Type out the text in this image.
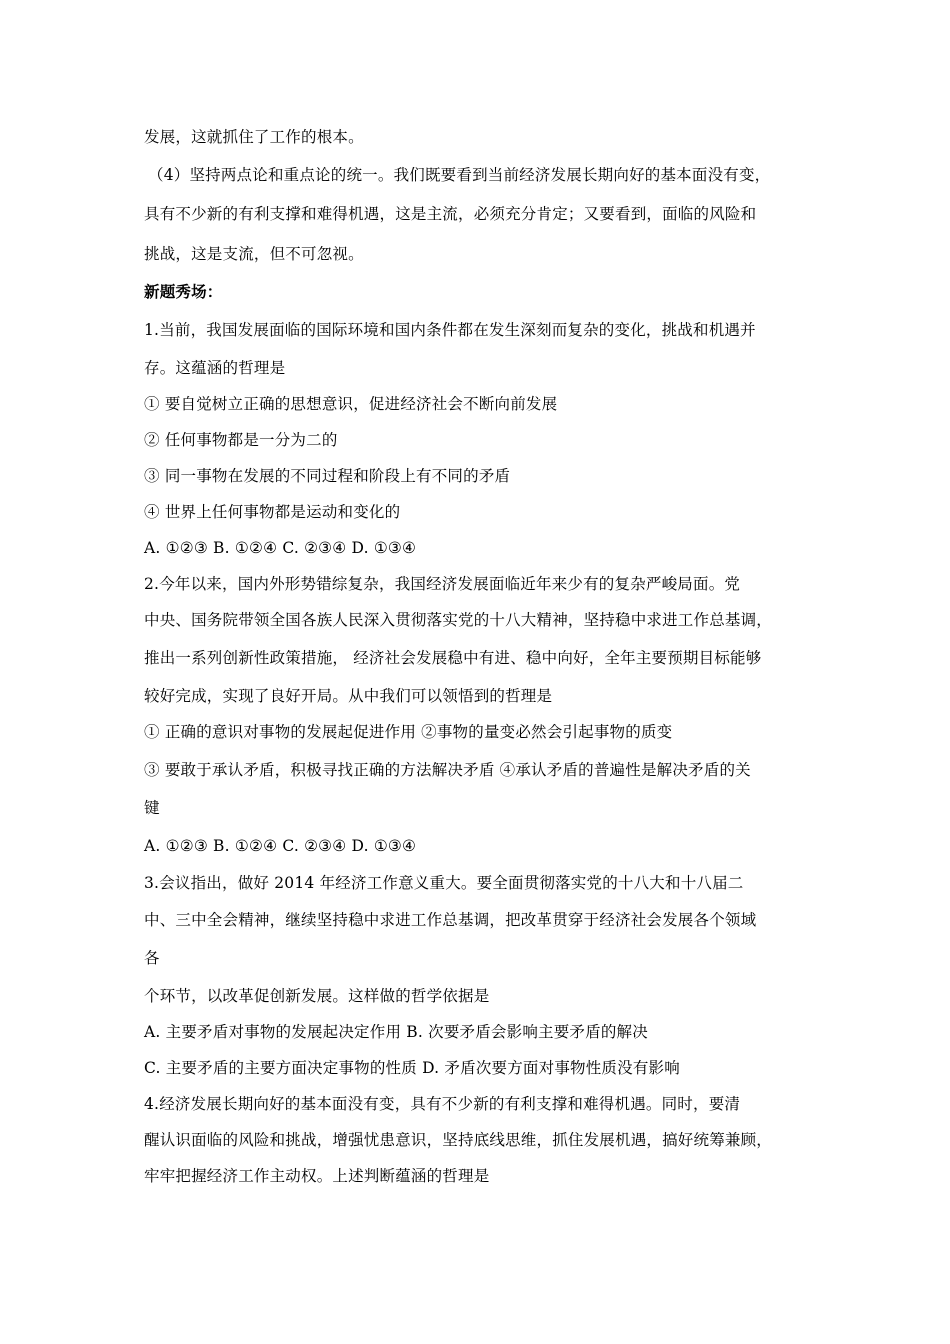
发展，这就抓住了工作的根本。
（4）坚持两点论和重点论的统一。我们既要看到当前经济发展长期向好的基本面没有变，
具有不少新的有利支撑和难得机遇，这是主流，必须充分肯定；又要看到，面临的风险和
挑战，这是支流，但不可忽视。
新题秀场：
1.当前，我国发展面临的国际环境和国内条件都在发生深刻而复杂的变化，挑战和机遇并
存。这蕴涵的哲理是
① 要自觉树立正确的思想意识，促进经济社会不断向前发展
② 任何事物都是一分为二的
③ 同一事物在发展的不同过程和阶段上有不同的矛盾
④ 世界上任何事物都是运动和变化的
A. ①②③ B. ①②④ C. ②③④ D. ①③④
2.今年以来，国内外形势错综复杂，我国经济发展面临近年来少有的复杂严峻局面。党
中央、国务院带领全国各族人民深入贯彻落实党的十八大精神，坚持稳中求进工作总基调，
推出一系列创新性政策措施， 经济社会发展稳中有进、稳中向好，全年主要预期目标能够
较好完成，实现了良好开局。从中我们可以领悟到的哲理是
① 正确的意识对事物的发展起促进作用 ②事物的量变必然会引起事物的质变
③ 要敢于承认矛盾，积极寻找正确的方法解决矛盾 ④承认矛盾的普遍性是解决矛盾的关
键
A. ①②③ B. ①②④ C. ②③④ D. ①③④
3.会议指出，做好 2014 年经济工作意义重大。要全面贯彻落实党的十八大和十八届二
中、三中全会精神，继续坚持稳中求进工作总基调，把改革贯穿于经济社会发展各个领域
各
个环节，以改革促创新发展。这样做的哲学依据是
A. 主要矛盾对事物的发展起决定作用 B. 次要矛盾会影响主要矛盾的解决
C. 主要矛盾的主要方面决定事物的性质 D. 矛盾次要方面对事物性质没有影响
4.经济发展长期向好的基本面没有变，具有不少新的有利支撑和难得机遇。同时，要清
醒认识面临的风险和挑战，增强忧患意识，坚持底线思维，抓住发展机遇，搞好统筹兼顾，
牢牢把握经济工作主动权。上述判断蕴涵的哲理是
